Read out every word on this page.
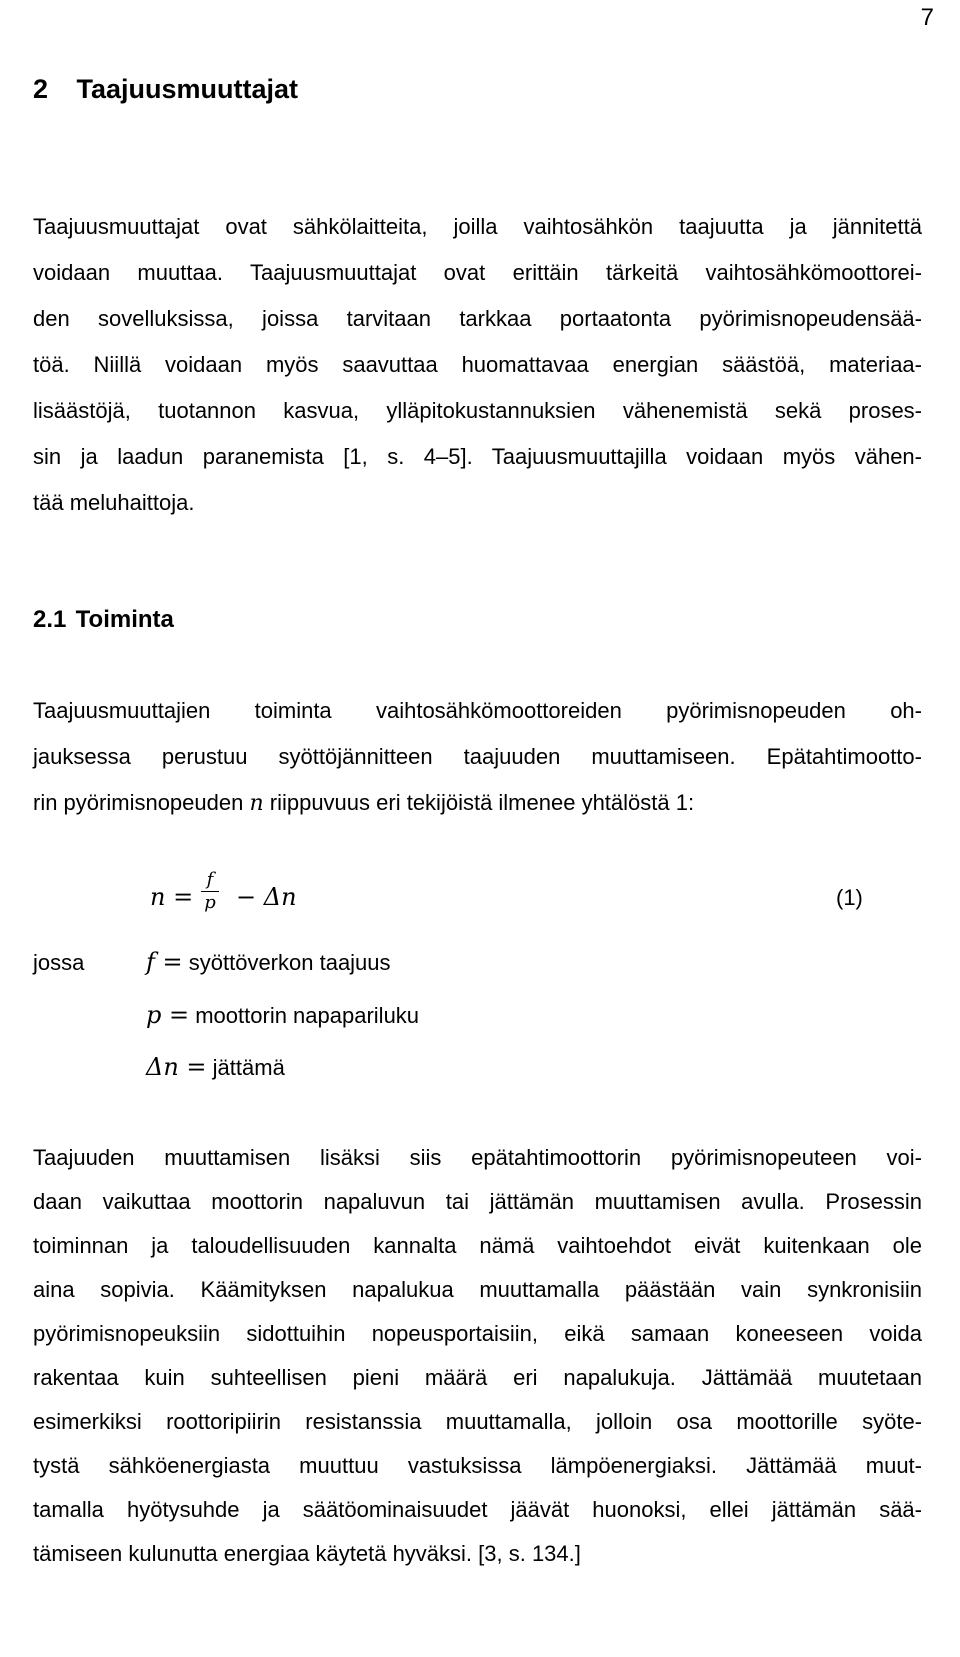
7
2 Taajuusmuuttajat
Taajuusmuuttajat ovat sähkölaitteita, joilla vaihtosähkön taajuutta ja jännitettä
voidaan muuttaa. Taajuusmuuttajat ovat erittäin tärkeitä vaihtosähkömoottorei-
den sovelluksissa, joissa tarvitaan tarkkaa portaatonta pyörimisnopeudensää-
töä. Niillä voidaan myös saavuttaa huomattavaa energian säästöä, materiaa-
lisäästöjä, tuotannon kasvua, ylläpitokustannuksien vähenemistä sekä proses-
sin ja laadun paranemista [1, s. 4–5]. Taajuusmuuttajilla voidaan myös vähen-
tää meluhaittoja.
2.1 Toiminta
Taajuusmuuttajien toiminta vaihtosähkömoottoreiden pyörimisnopeuden oh-
jauksessa perustuu syöttöjännitteen taajuuden muuttamiseen. Epätahtimootto-
rin pyörimisnopeuden n riippuvuus eri tekijöistä ilmenee yhtälöstä 1:
n =
f
p − Δn	(1)
jossa	f = syöttöverkon taajuus
p = moottorin napapariluku
Δn = jättämä
Taajuuden muuttamisen lisäksi siis epätahtimoottorin pyörimisnopeuteen voi-
daan vaikuttaa moottorin napaluvun tai jättämän muuttamisen avulla. Prosessin
toiminnan ja taloudellisuuden kannalta nämä vaihtoehdot eivät kuitenkaan ole
aina sopivia. Käämityksen napalukua muuttamalla päästään vain synkronisiin
pyörimisnopeuksiin sidottuihin nopeusportaisiin, eikä samaan koneeseen voida
rakentaa kuin suhteellisen pieni määrä eri napalukuja. Jättämää muutetaan
esimerkiksi roottoripiirin resistanssia muuttamalla, jolloin osa moottorille syöte-
tystä sähköenergiasta muuttuu vastuksissa lämpöenergiaksi. Jättämää muut-
tamalla hyötysuhde ja säätöominaisuudet jäävät huonoksi, ellei jättämän sää-
tämiseen kulunutta energiaa käytetä hyväksi. [3, s. 134.]
